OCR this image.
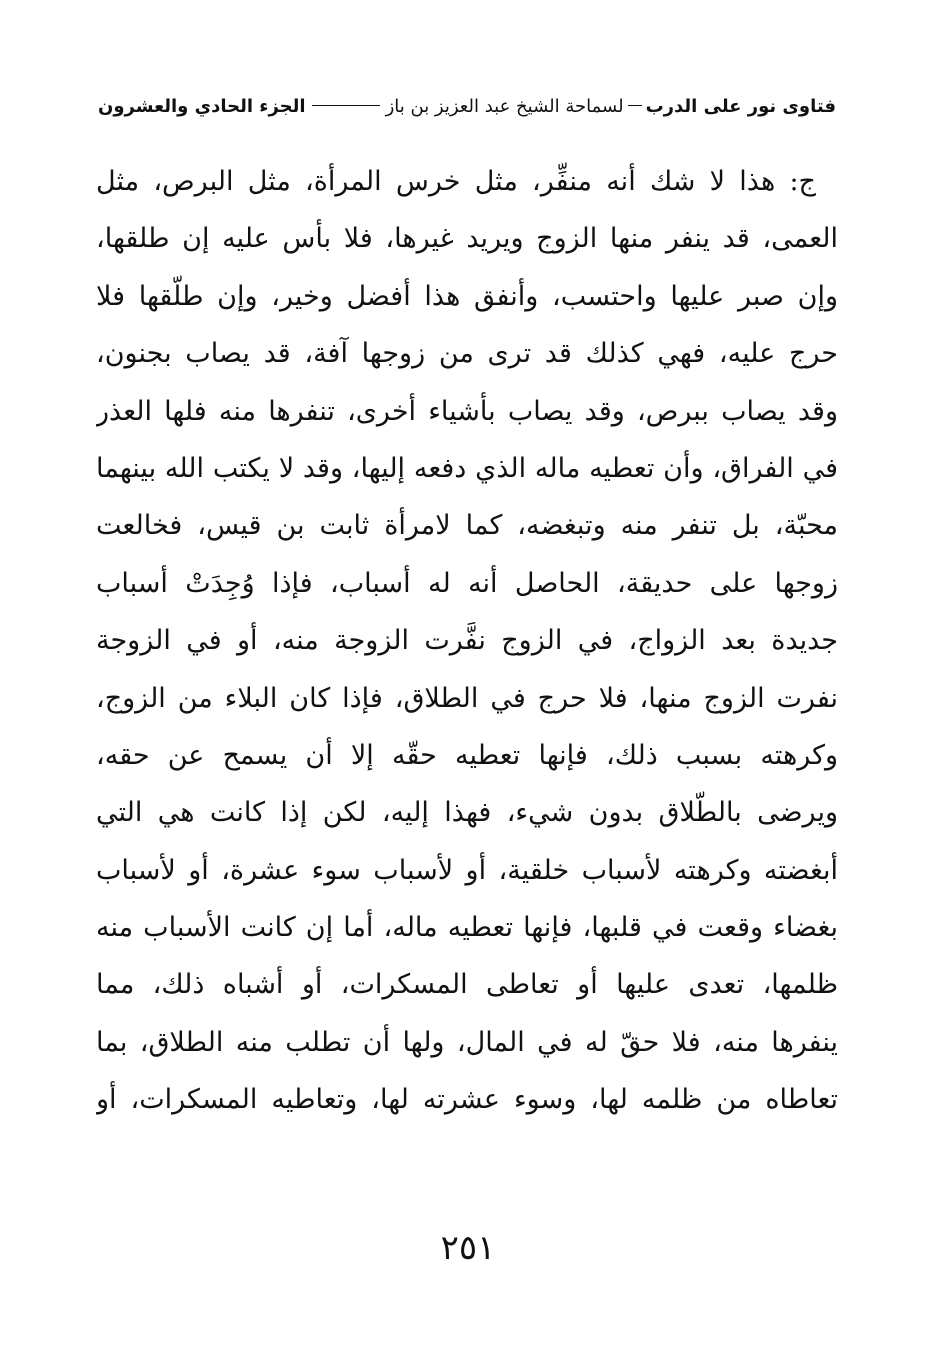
فتاوى نور على الدرب
لسماحة الشيخ عبد العزيز بن باز
الجزء الحادي والعشرون
ج: هذا لا شك أنه منفِّر، مثل خرس المرأة، مثل البرص، مثل
العمى، قد ينفر منها الزوج ويريد غيرها، فلا بأس عليه إن طلقها،
وإن صبر عليها واحتسب، وأنفق هذا أفضل وخير، وإن طلّقها فلا
حرج عليه، فهي كذلك قد ترى من زوجها آفة، قد يصاب بجنون،
وقد يصاب ببرص، وقد يصاب بأشياء أخرى، تنفرها منه فلها العذر
في الفراق، وأن تعطيه ماله الذي دفعه إليها، وقد لا يكتب الله بينهما
محبّة، بل تنفر منه وتبغضه، كما لامرأة ثابت بن قيس، فخالعت
زوجها على حديقة، الحاصل أنه له أسباب، فإذا وُجِدَتْ أسباب
جديدة بعد الزواج، في الزوج نفَّرت الزوجة منه، أو في الزوجة
نفرت الزوج منها، فلا حرج في الطلاق، فإذا كان البلاء من الزوج،
وكرهته بسبب ذلك، فإنها تعطيه حقّه إلا أن يسمح عن حقه،
ويرضى بالطّلاق بدون شيء، فهذا إليه، لكن إذا كانت هي التي
أبغضته وكرهته لأسباب خلقية، أو لأسباب سوء عشرة، أو لأسباب
بغضاء وقعت في قلبها، فإنها تعطيه ماله، أما إن كانت الأسباب منه
ظلمها، تعدى عليها أو تعاطى المسكرات، أو أشباه ذلك، مما
ينفرها منه، فلا حقّ له في المال، ولها أن تطلب منه الطلاق، بما
تعاطاه من ظلمه لها، وسوء عشرته لها، وتعاطيه المسكرات، أو
٢٥١
